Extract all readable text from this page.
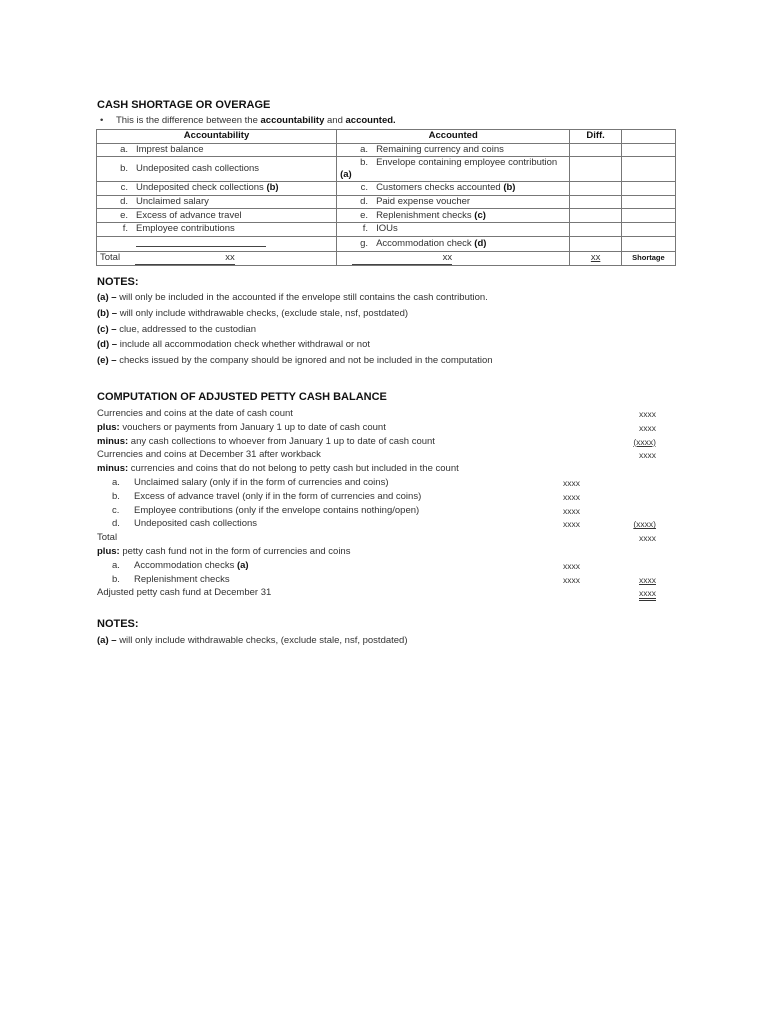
CASH SHORTAGE OR OVERAGE
• This is the difference between the accountability and accounted.
Accountability	Accounted	Diff.	
a. Imprest balance	a. Remaining currency and coins		
b. Undeposited cash collections	b. Envelope containing employee contribution (a)		
c. Undeposited check collections (b)	c. Customers checks accounted (b)		
d. Unclaimed salary	d. Paid expense voucher		
e. Excess of advance travel	e. Replenishment checks (c)		
f. Employee contributions	f. IOUs		
	g. Accommodation check (d)		
Total xx	xx	xx	Shortage
NOTES:
(a) – will only be included in the accounted if the envelope still contains the cash contribution.
(b) – will only include withdrawable checks, (exclude stale, nsf, postdated)
(c) – clue, addressed to the custodian
(d) – include all accommodation check whether withdrawal or not
(e) – checks issued by the company should be ignored and not be included in the computation
COMPUTATION OF ADJUSTED PETTY CASH BALANCE
Currencies and coins at the date of cash count	xxxx
plus: vouchers or payments from January 1 up to date of cash count	xxxx
minus: any cash collections to whoever from January 1 up to date of cash count	(xxxx)
Currencies and coins at December 31 after workback	xxxx
minus: currencies and coins that do not belong to petty cash but included in the count
a. Unclaimed salary (only if in the form of currencies and coins)	xxxx
b. Excess of advance travel (only if in the form of currencies and coins)	xxxx
c. Employee contributions (only if the envelope contains nothing/open)	xxxx
d. Undeposited cash collections	xxxx	(xxxx)
Total	xxxx
plus: petty cash fund not in the form of currencies and coins
a. Accommodation checks (a)	xxxx
b. Replenishment checks	xxxx	xxxx
Adjusted petty cash fund at December 31	xxxx
NOTES:
(a) – will only include withdrawable checks, (exclude stale, nsf, postdated)
